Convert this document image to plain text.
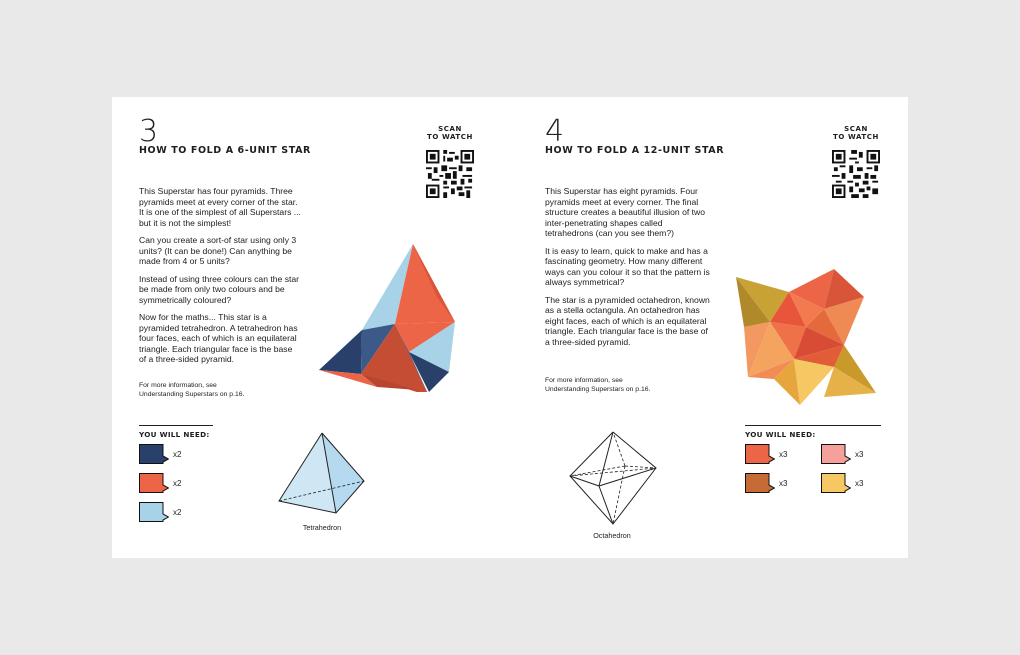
3
HOW TO FOLD A 6-UNIT STAR
SCAN
TO WATCH

This Superstar has four pyramids. Three pyramids meet at every corner of the star. It is one of the simplest of all Superstars ... but it is not the simplest!

Can you create a sort-of star using only 3 units? (It can be done!) Can anything be made from 4 or 5 units?

Instead of using three colours can the star be made from only two colours and be symmetrically coloured?

Now for the maths... This star is a pyramided tetrahedron. A tetrahedron has four faces, each of which is an equilateral triangle. Each triangular face is the base of a three-sided pyramid.

For more information, see
Understanding Superstars on p.16.
YOU WILL NEED:
x2
x2
x2
Tetrahedron
4
HOW TO FOLD A 12-UNIT STAR
SCAN
TO WATCH

This Superstar has eight pyramids. Four pyramids meet at every corner. The final structure creates a beautiful illusion of two inter-penetrating shapes called tetrahedrons (can you see them?)

It is easy to learn, quick to make and has a fascinating geometry. How many different ways can you colour it so that the pattern is always symmetrical?

The star is a pyramided octahedron, known as a stella octangula. An octahedron has eight faces, each of which is an equilateral triangle. Each triangular face is the base of a three-sided pyramid.

For more information, see
Understanding Superstars on p.16.
Octahedron
YOU WILL NEED:
x3
x3
x3
x3
